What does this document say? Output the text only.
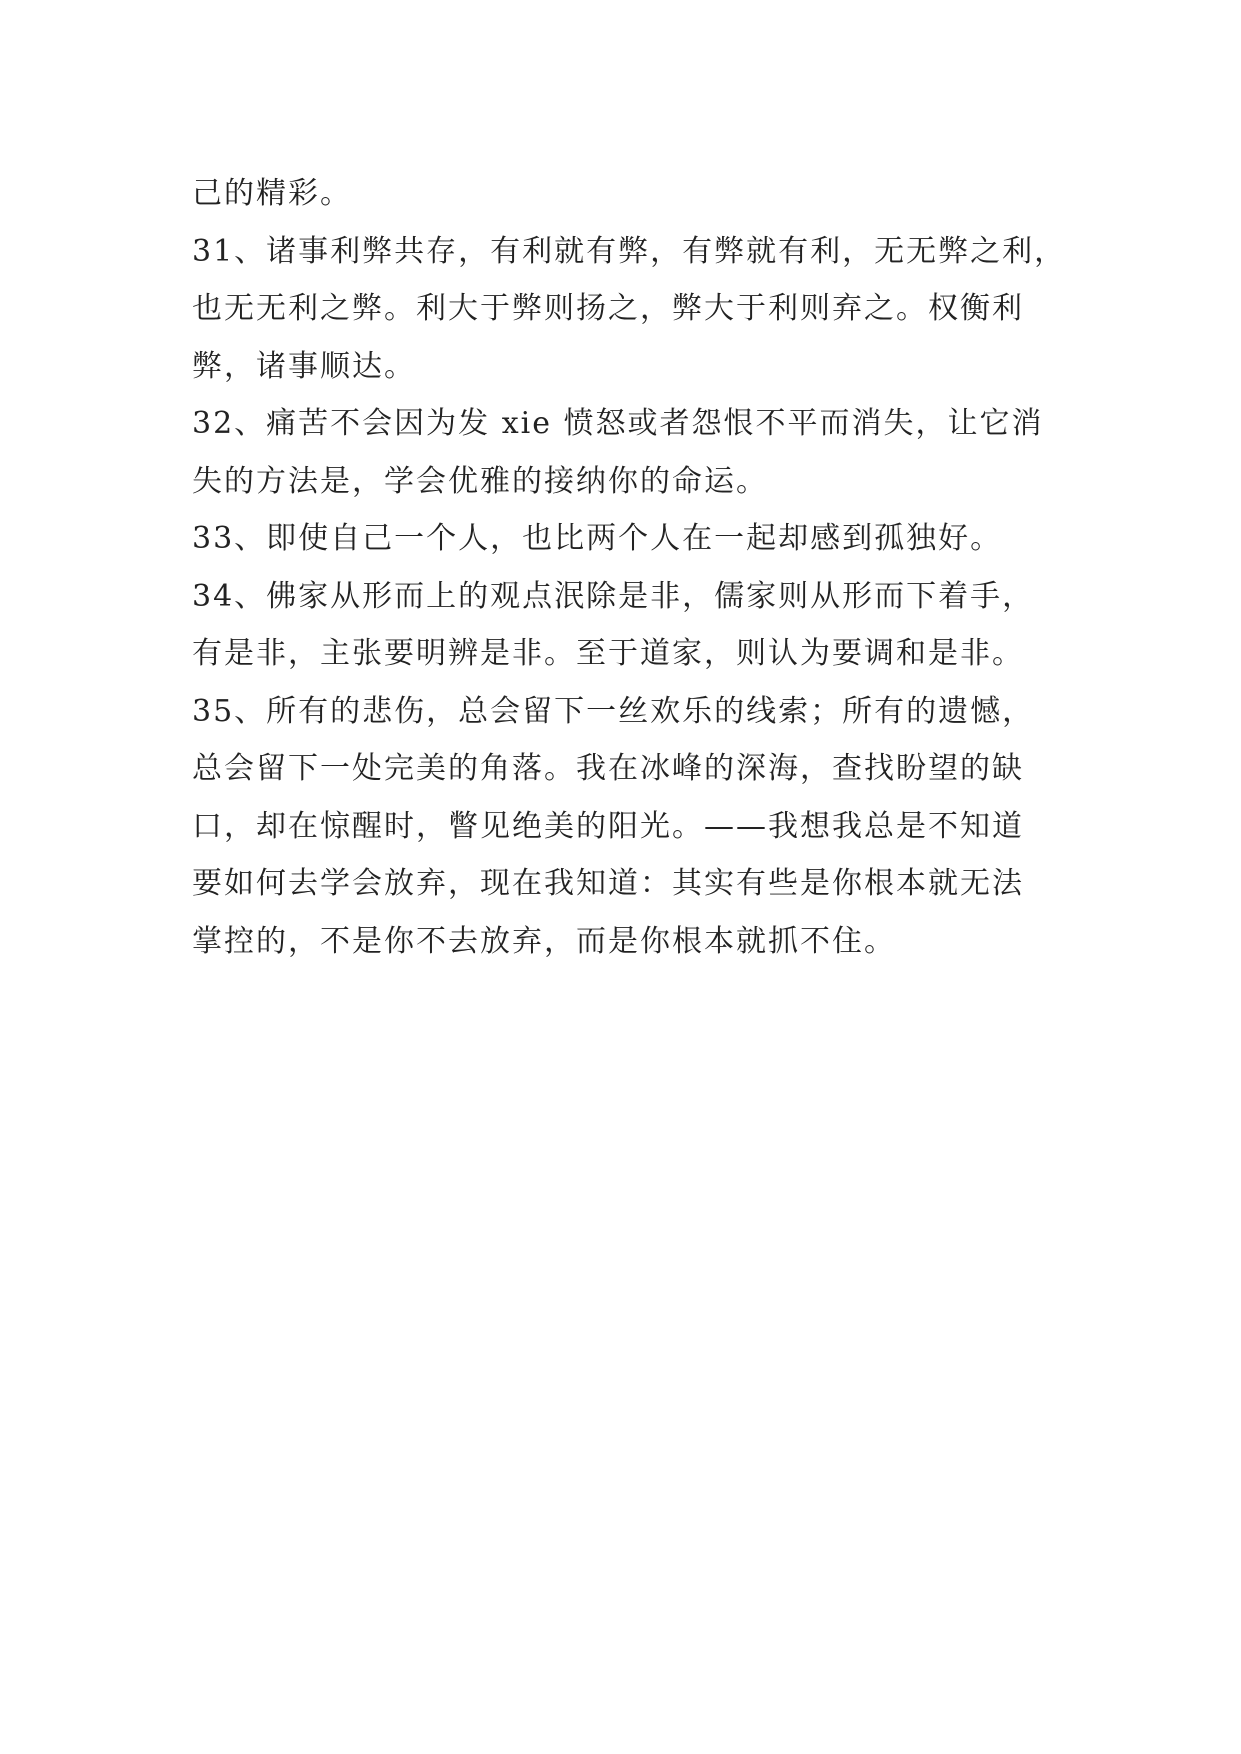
己的精彩。
31、诸事利弊共存，有利就有弊，有弊就有利，无无弊之利，
也无无利之弊。利大于弊则扬之，弊大于利则弃之。权衡利
弊，诸事顺达。
32、痛苦不会因为发 xie 愤怒或者怨恨不平而消失，让它消
失的方法是，学会优雅的接纳你的命运。
33、即使自己一个人，也比两个人在一起却感到孤独好。
34、佛家从形而上的观点泯除是非，儒家则从形而下着手，
有是非，主张要明辨是非。至于道家，则认为要调和是非。
35、所有的悲伤，总会留下一丝欢乐的线索；所有的遗憾，
总会留下一处完美的角落。我在冰峰的深海，查找盼望的缺
口，却在惊醒时，瞥见绝美的阳光。——我想我总是不知道
要如何去学会放弃，现在我知道：其实有些是你根本就无法
掌控的，不是你不去放弃，而是你根本就抓不住。
